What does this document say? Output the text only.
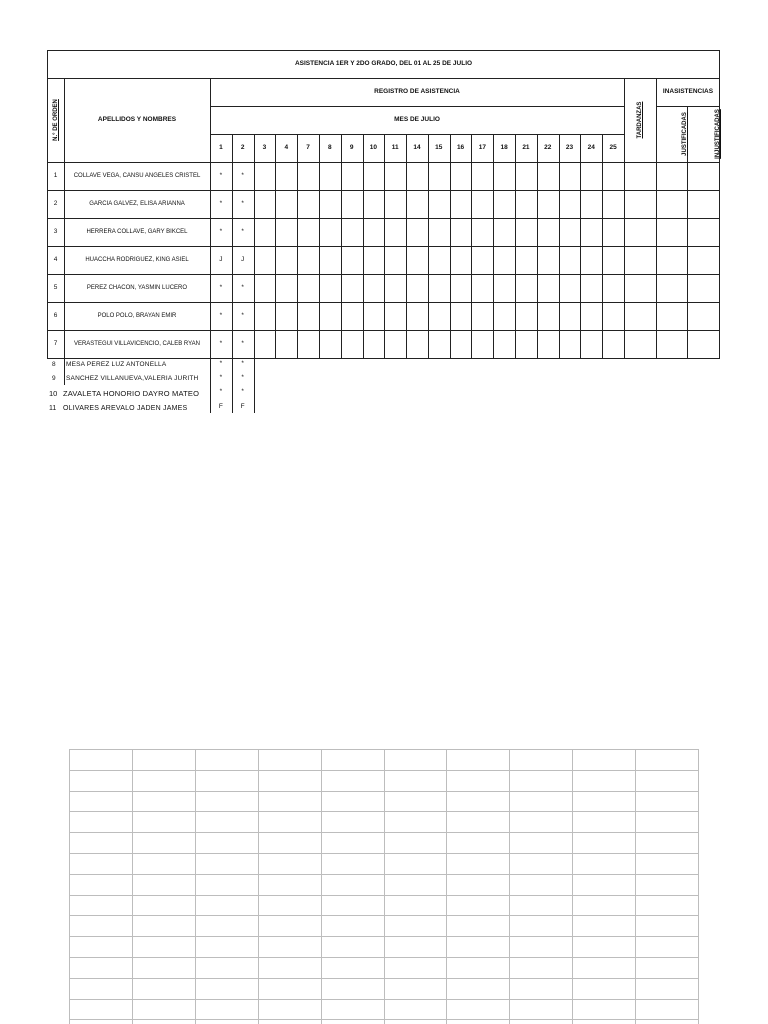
ASISTENCIA 1ER Y 2DO GRADO, DEL 01 AL 25 DE JULIO
REGISTRO DE ASISTENCIA
MES DE JULIO
APELLIDOS Y NOMBRES
INASISTENCIAS
N.° DE ORDEN	TARDANZAS	JUSTIFICADAS	INJUSTIFICADAS
1	2	3	4	7	8	9	10	11	14	15	16	17	18	21	22	23	24	25
1	COLLAVE VEGA, CANSU ANGELES CRISTEL	*	*
2	GARCIA GALVEZ, ELISA ARIANNA	*	*
3	HERRERA COLLAVE, GARY BIKCEL	*	*
4	HUACCHA RODRIGUEZ, KING ASIEL	J	J
5	PEREZ CHACON, YASMIN LUCERO	*	*
6	POLO POLO, BRAYAN EMIR	*	*
7	VERASTEGUI VILLAVICENCIO, CALEB RYAN	*	*
8 MESA PEREZ LUZ ANTONELLA	*	*
9 SANCHEZ VILLANUEVA,VALERIA JURITH	*	*
10 ZAVALETA HONORIO DAYRO MATEO	*	*
11 OLIVARES AREVALO JADEN JAMES	F	F
